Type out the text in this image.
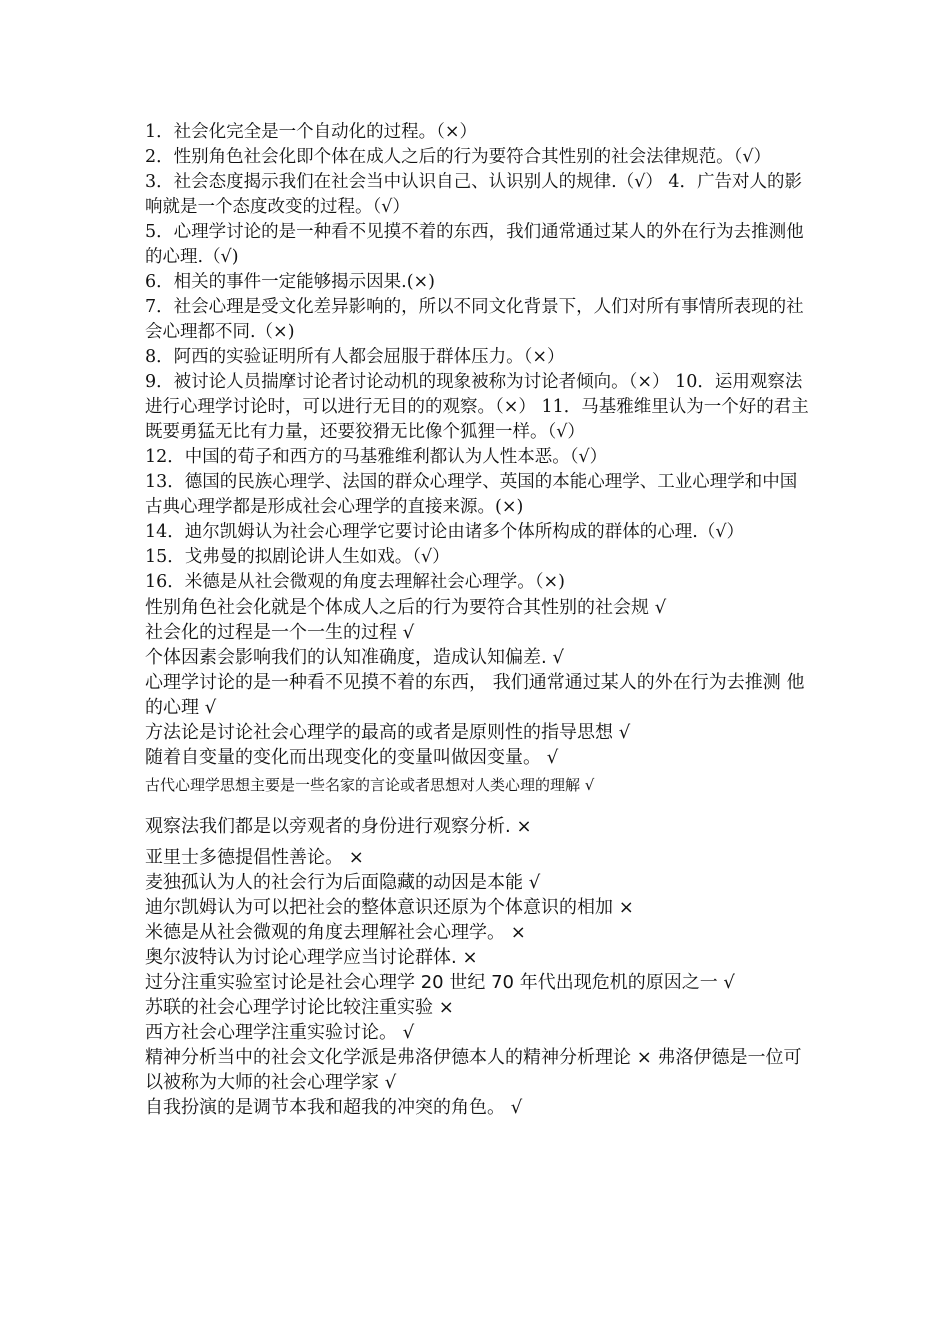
1．社会化完全是一个自动化的过程。（×）

2．性别角色社会化即个体在成人之后的行为要符合其性别的社会法律规范。（√）

3．社会态度揭示我们在社会当中认识自己、认识别人的规律.（√） 4．广告对人的影响就是一个态度改变的过程。（√）

5．心理学讨论的是一种看不见摸不着的东西，我们通常通过某人的外在行为去推测他的心理.（√)

6．相关的事件一定能够揭示因果.(×)

7．社会心理是受文化差异影响的，所以不同文化背景下，人们对所有事情所表现的社会心理都不同.（×)

8．阿西的实验证明所有人都会屈服于群体压力。（×）

9．被讨论人员揣摩讨论者讨论动机的现象被称为讨论者倾向。（×） 10．运用观察法进行心理学讨论时，可以进行无目的的观察。（×） 11．马基雅维里认为一个好的君主既要勇猛无比有力量，还要狡猾无比像个狐狸一样。（√）

12．中国的荀子和西方的马基雅维利都认为人性本恶。（√）

13．德国的民族心理学、法国的群众心理学、英国的本能心理学、工业心理学和中国古典心理学都是形成社会心理学的直接来源。(×)

14．迪尔凯姆认为社会心理学它要讨论由诸多个体所构成的群体的心理.（√）

15．戈弗曼的拟剧论讲人生如戏。（√）

16．米德是从社会微观的角度去理解社会心理学。（×)

性别角色社会化就是个体成人之后的行为要符合其性别的社会规 √

社会化的过程是一个一生的过程 √

个体因素会影响我们的认知准确度，造成认知偏差. √

心理学讨论的是一种看不见摸不着的东西， 我们通常通过某人的外在行为去推测 他的心理 √

方法论是讨论社会心理学的最高的或者是原则性的指导思想 √

随着自变量的变化而出现变化的变量叫做因变量。 √

古代心理学思想主要是一些名家的言论或者思想对人类心理的理解 √

观察法我们都是以旁观者的身份进行观察分析. ×

亚里士多德提倡性善论。 ×

麦独孤认为人的社会行为后面隐藏的动因是本能 √

迪尔凯姆认为可以把社会的整体意识还原为个体意识的相加 ×

米德是从社会微观的角度去理解社会心理学。 ×

奥尔波特认为讨论心理学应当讨论群体. ×

过分注重实验室讨论是社会心理学 20 世纪 70 年代出现危机的原因之一 √

苏联的社会心理学讨论比较注重实验 ×

西方社会心理学注重实验讨论。 √

精神分析当中的社会文化学派是弗洛伊德本人的精神分析理论 × 弗洛伊德是一位可以被称为大师的社会心理学家 √

自我扮演的是调节本我和超我的冲突的角色。 √
